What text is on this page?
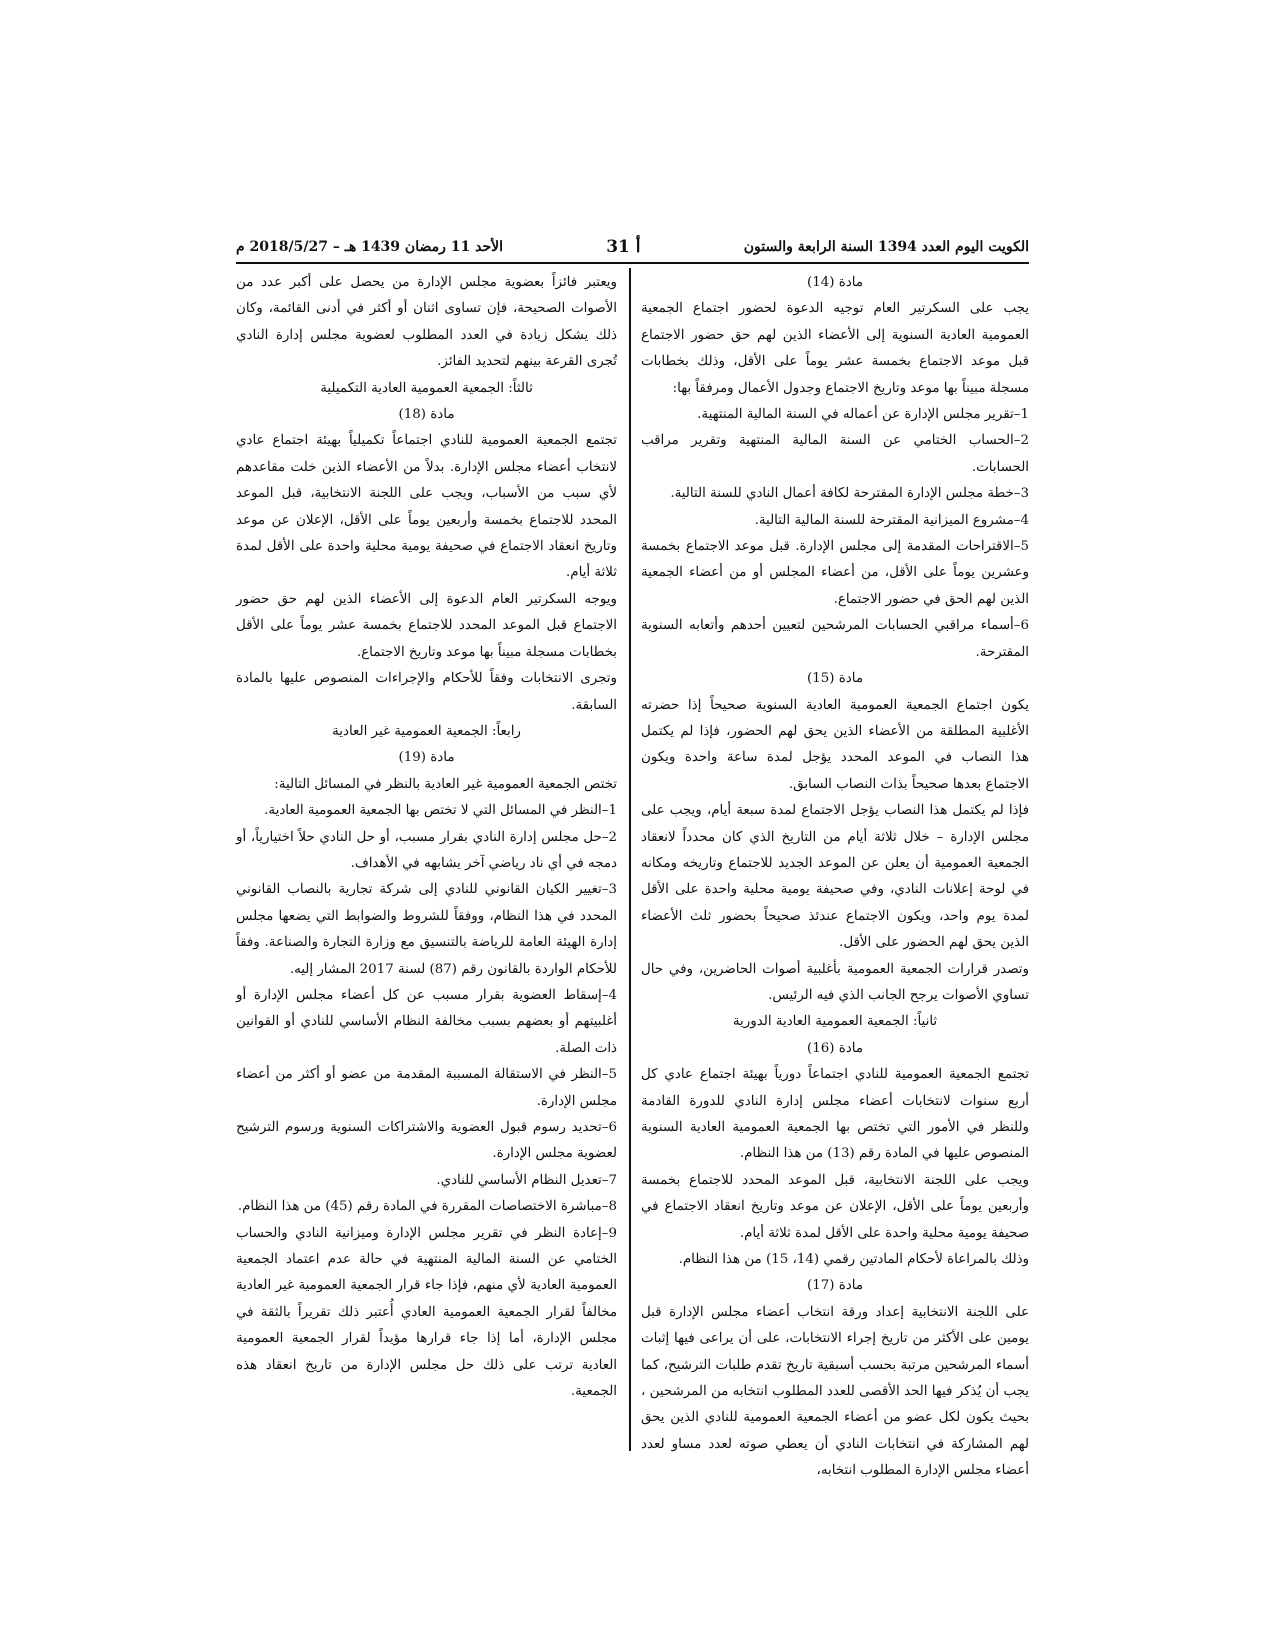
الأحد 11 رمضان 1439 هـ – 2018/5/27 م	أ 31	الكويت اليوم العدد 1394 السنة الرابعة والستون

مادة (14)

يجب على السكرتير العام توجيه الدعوة لحضور اجتماع الجمعية العمومية العادية السنوية إلى الأعضاء الذين لهم حق حضور الاجتماع قبل موعد الاجتماع بخمسة عشر يوماً على الأقل، وذلك بخطابات مسجلة مبيناً بها موعد وتاريخ الاجتماع وجدول الأعمال ومرفقاً بها:

1–تقرير مجلس الإدارة عن أعماله في السنة المالية المنتهية.

2–الحساب الختامي عن السنة المالية المنتهية وتقرير مراقب الحسابات.

3–خطة مجلس الإدارة المقترحة لكافة أعمال النادي للسنة التالية.

4–مشروع الميزانية المقترحة للسنة المالية التالية.

5–الاقتراحات المقدمة إلى مجلس الإدارة. قبل موعد الاجتماع بخمسة وعشرين يوماً على الأقل، من أعضاء المجلس أو من أعضاء الجمعية الذين لهم الحق في حضور الاجتماع.

6–أسماء مراقبي الحسابات المرشحين لتعيين أحدهم وأتعابه السنوية المقترحة.

مادة (15)

يكون اجتماع الجمعية العمومية العادية السنوية صحيحاً إذا حضرته الأغلبية المطلقة من الأعضاء الذين يحق لهم الحضور، فإذا لم يكتمل هذا النصاب في الموعد المحدد يؤجل لمدة ساعة واحدة ويكون الاجتماع بعدها صحيحاً بذات النصاب السابق.

فإذا لم يكتمل هذا النصاب يؤجل الاجتماع لمدة سبعة أيام، ويجب على مجلس الإدارة – خلال ثلاثة أيام من التاريخ الذي كان محدداً لانعقاد الجمعية العمومية أن يعلن عن الموعد الجديد للاجتماع وتاريخه ومكانه في لوحة إعلانات النادي، وفي صحيفة يومية محلية واحدة على الأقل لمدة يوم واحد، ويكون الاجتماع عندئذ صحيحاً بحضور ثلث الأعضاء الذين يحق لهم الحضور على الأقل.

وتصدر قرارات الجمعية العمومية بأغلبية أصوات الحاضرين، وفي حال تساوي الأصوات يرجح الجانب الذي فيه الرئيس.

ثانياً: الجمعية العمومية العادية الدورية

مادة (16)

تجتمع الجمعية العمومية للنادي اجتماعاً دورياً بهيئة اجتماع عادي كل أربع سنوات لانتخابات أعضاء مجلس إدارة النادي للدورة القادمة وللنظر في الأمور التي تختص بها الجمعية العمومية العادية السنوية المنصوص عليها في المادة رقم (13) من هذا النظام.

ويجب على اللجنة الانتخابية، قبل الموعد المحدد للاجتماع بخمسة وأربعين يوماً على الأقل، الإعلان عن موعد وتاريخ انعقاد الاجتماع في صحيفة يومية محلية واحدة على الأقل لمدة ثلاثة أيام.

وذلك بالمراعاة لأحكام المادتين رقمي (14، 15) من هذا النظام.

مادة (17)

على اللجنة الانتخابية إعداد ورقة انتخاب أعضاء مجلس الإدارة قبل يومين على الأكثر من تاريخ إجراء الانتخابات، على أن يراعى فيها إثبات أسماء المرشحين مرتبة بحسب أسبقية تاريخ تقدم طلبات الترشيح، كما يجب أن يُذكر فيها الحد الأقصى للعدد المطلوب انتخابه من المرشحين ، بحيث يكون لكل عضو من أعضاء الجمعية العمومية للنادي الذين يحق لهم المشاركة في انتخابات النادي أن يعطي صوته لعدد مساو لعدد أعضاء مجلس الإدارة المطلوب انتخابه،

ويعتبر فائزاً بعضوية مجلس الإدارة من يحصل على أكبر عدد من الأصوات الصحيحة، فإن تساوى اثنان أو أكثر في أدنى القائمة، وكان ذلك يشكل زيادة في العدد المطلوب لعضوية مجلس إدارة النادي تُجرى القرعة بينهم لتحديد الفائز.

ثالثاً: الجمعية العمومية العادية التكميلية

مادة (18)

تجتمع الجمعية العمومية للنادي اجتماعاً تكميلياً بهيئة اجتماع عادي لانتخاب أعضاء مجلس الإدارة. بدلاً من الأعضاء الذين خلت مقاعدهم لأي سبب من الأسباب، ويجب على اللجنة الانتخابية، قبل الموعد المحدد للاجتماع بخمسة وأربعين يوماً على الأقل، الإعلان عن موعد وتاريخ انعقاد الاجتماع في صحيفة يومية محلية واحدة على الأقل لمدة ثلاثة أيام.

ويوجه السكرتير العام الدعوة إلى الأعضاء الذين لهم حق حضور الاجتماع قبل الموعد المحدد للاجتماع بخمسة عشر يوماً على الأقل بخطابات مسجلة مبيناً بها موعد وتاريخ الاجتماع.

وتجرى الانتخابات وفقاً للأحكام والإجراءات المنصوص عليها بالمادة السابقة.

رابعاً: الجمعية العمومية غير العادية

مادة (19)

تختص الجمعية العمومية غير العادية بالنظر في المسائل التالية:

1–النظر في المسائل التي لا تختص بها الجمعية العمومية العادية.

2–حل مجلس إدارة النادي بقرار مسبب، أو حل النادي حلاً اختيارياً، أو دمجه في أي ناد رياضي آخر يشابهه في الأهداف.

3–تغيير الكيان القانوني للنادي إلى شركة تجارية بالنصاب القانوني المحدد في هذا النظام، ووفقاً للشروط والضوابط التي يضعها مجلس إدارة الهيئة العامة للرياضة بالتنسيق مع وزارة التجارة والصناعة. وفقاً للأحكام الواردة بالقانون رقم (87) لسنة 2017 المشار إليه.

4–إسقاط العضوية بقرار مسبب عن كل أعضاء مجلس الإدارة أو أغلبيتهم أو بعضهم بسبب مخالفة النظام الأساسي للنادي أو القوانين ذات الصلة.

5–النظر في الاستقالة المسببة المقدمة من عضو أو أكثر من أعضاء مجلس الإدارة.

6–تحديد رسوم قبول العضوية والاشتراكات السنوية ورسوم الترشيح لعضوية مجلس الإدارة.

7–تعديل النظام الأساسي للنادي.

8–مباشرة الاختصاصات المقررة في المادة رقم (45) من هذا النظام.

9–إعادة النظر في تقرير مجلس الإدارة وميزانية النادي والحساب الختامي عن السنة المالية المنتهية في حالة عدم اعتماد الجمعية العمومية العادية لأي منهم، فإذا جاء قرار الجمعية العمومية غير العادية مخالفاً لقرار الجمعية العمومية العادي أُعتبر ذلك تقريراً بالثقة في مجلس الإدارة، أما إذا جاء قرارها مؤيداً لقرار الجمعية العمومية العادية ترتب على ذلك حل مجلس الإدارة من تاريخ انعقاد هذه الجمعية.
